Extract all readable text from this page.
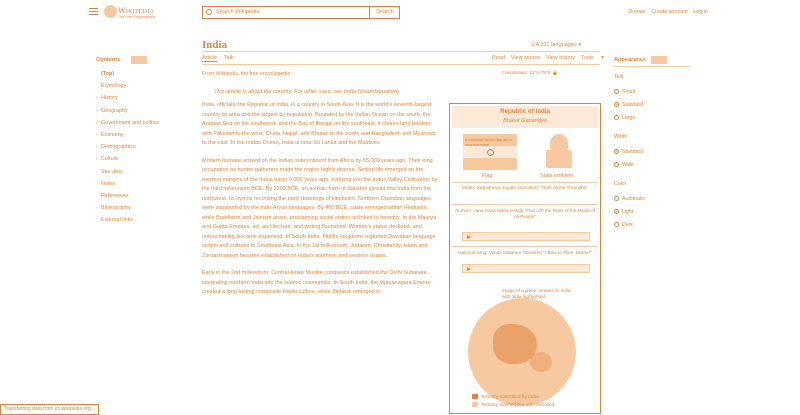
Wikipedia
The Free Encyclopedia
Search Wikipedia	Search	Donate Create account Log in
Contents
(Top)
Etymology
› History
› Geography
› Government and politics
› Economy
› Demographics
› Culture
See also
Notes
References
› Bibliography
External links
India	文A 311 languages ▾
Article Talk	Read View source View history Tools ▾
From Wikipedia, the free encyclopedia	Coordinates: 21°N 78°E 🔒
This article is about the country. For other uses, see India (disambiguation).

India, officially the Republic of India, is a country in South Asia. It is the world's seventh-largest country by area and the largest by population. Bounded by the Indian Ocean on the south, the Arabian Sea on the southwest, and the Bay of Bengal on the southeast, it shares land borders with Pakistan to the west; China, Nepal, and Bhutan to the north; and Bangladesh and Myanmar to the east. In the Indian Ocean, India is near Sri Lanka and the Maldives.

Modern humans arrived on the Indian subcontinent from Africa by 55,000 years ago. Their long occupation as hunter-gatherers made the region highly diverse. Settled life emerged on the western margins of the Indus basin 9,000 years ago, evolving into the Indus Valley Civilisation by the third millennium BCE. By 1200 BCE, an archaic form of Sanskrit spread into India from the northwest. Its hymns recording the early dawnings of Hinduism. Northern Dravidian languages were supplanted by the Indo-Aryan languages. By 400 BCE, caste emerged within Hinduism, while Buddhism and Jainism arose, proclaiming social orders unlinked to heredity. In the Maurya and Gupta Empires, art, architecture, and writing flourished. Women's status declined, and untouchability became organised. In South India, Middle kingdoms exported Dravidian language scripts and cultures to Southeast Asia. In the 1st millennium, Judaism, Christianity, Islam and Zoroastrianism became established on India's southern and western coasts.

Early in the 2nd millennium, Central Asian Muslim conquests established the Delhi Sultanate, integrating northern India into the Islamic cosmopolis. In South India, the Vijayanagara Empire created a long-lasting composite Hindu culture, while Sikhism emerged in

Republic of India
Bhārat Gaṇarājya
A horizontal tricolour flag with a navy blue wheel
Flag	State emblem
Motto: Satyameva Jayate (Sanskrit) "Truth Alone Triumphs"
Anthem: Jana Gana Mana (Hindi) "Thou Art the Ruler of the Minds of All People"
National song: Vande Mataram (Sanskrit) "I Bow to Thee, Mother"
Image of a globe centred on India, with India highlighted.
Territory controlled by India
Territory claimed but not controlled
Appearance
Text
Small
Standard
Large
Width
Standard
Wide
Color
Automatic
Light
Dark
Transferring data from en.wikipedia.org...
